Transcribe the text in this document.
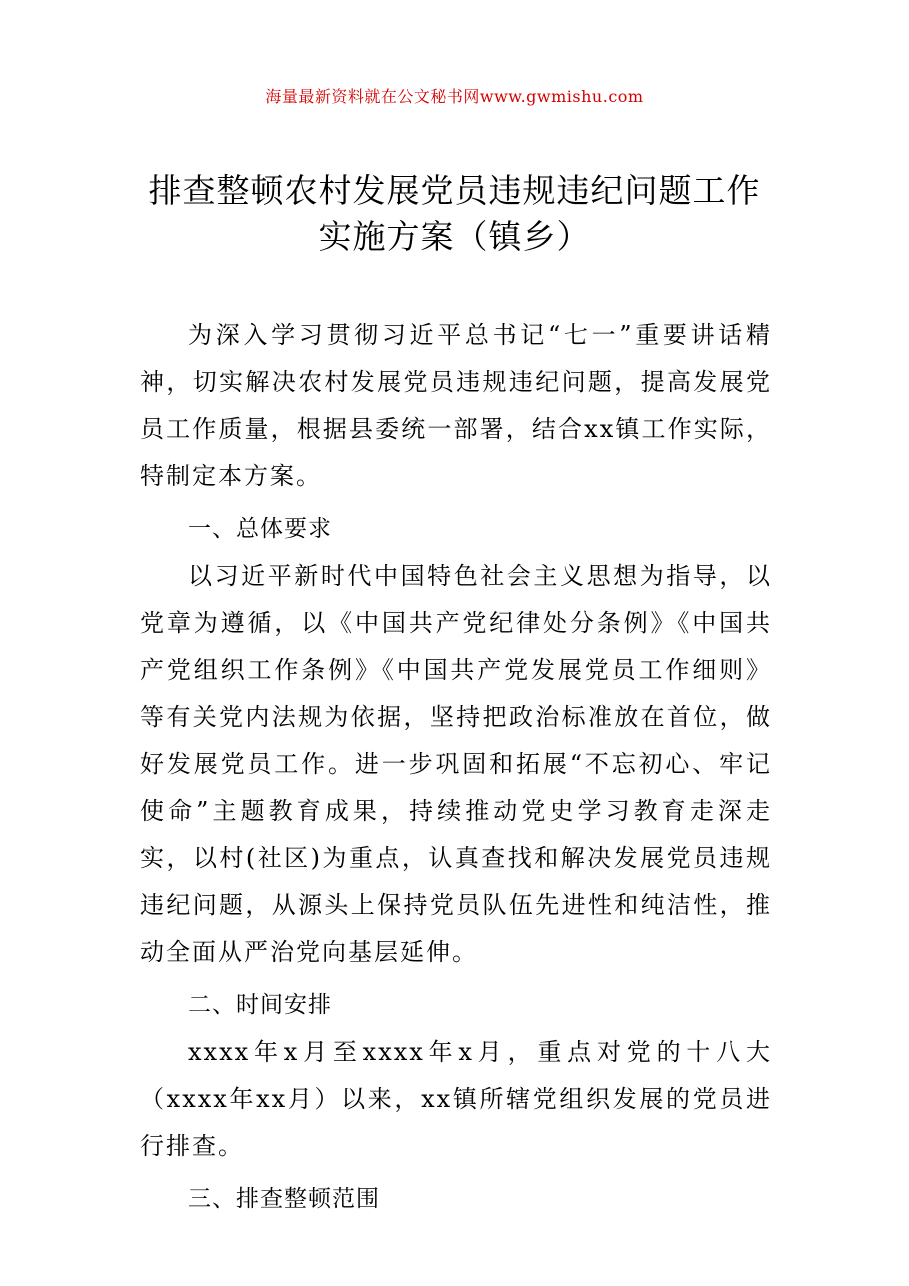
海量最新资料就在公文秘书网www.gwmishu.com
排查整顿农村发展党员违规违纪问题工作
实施方案（镇乡）

为深入学习贯彻习近平总书记“七一”重要讲话精神，切实解决农村发展党员违规违纪问题，提高发展党员工作质量，根据县委统一部署，结合xx镇工作实际，特制定本方案。

一、总体要求

以习近平新时代中国特色社会主义思想为指导，以党章为遵循，以《中国共产党纪律处分条例》《中国共产党组织工作条例》《中国共产党发展党员工作细则》等有关党内法规为依据，坚持把政治标准放在首位，做好发展党员工作。进一步巩固和拓展“不忘初心、牢记使命”主题教育成果，持续推动党史学习教育走深走实，以村(社区)为重点，认真查找和解决发展党员违规违纪问题，从源头上保持党员队伍先进性和纯洁性，推动全面从严治党向基层延伸。

二、时间安排

xxxx年x月至xxxx年x月，重点对党的十八大（xxxx年xx月）以来，xx镇所辖党组织发展的党员进行排查。

三、排查整顿范围
